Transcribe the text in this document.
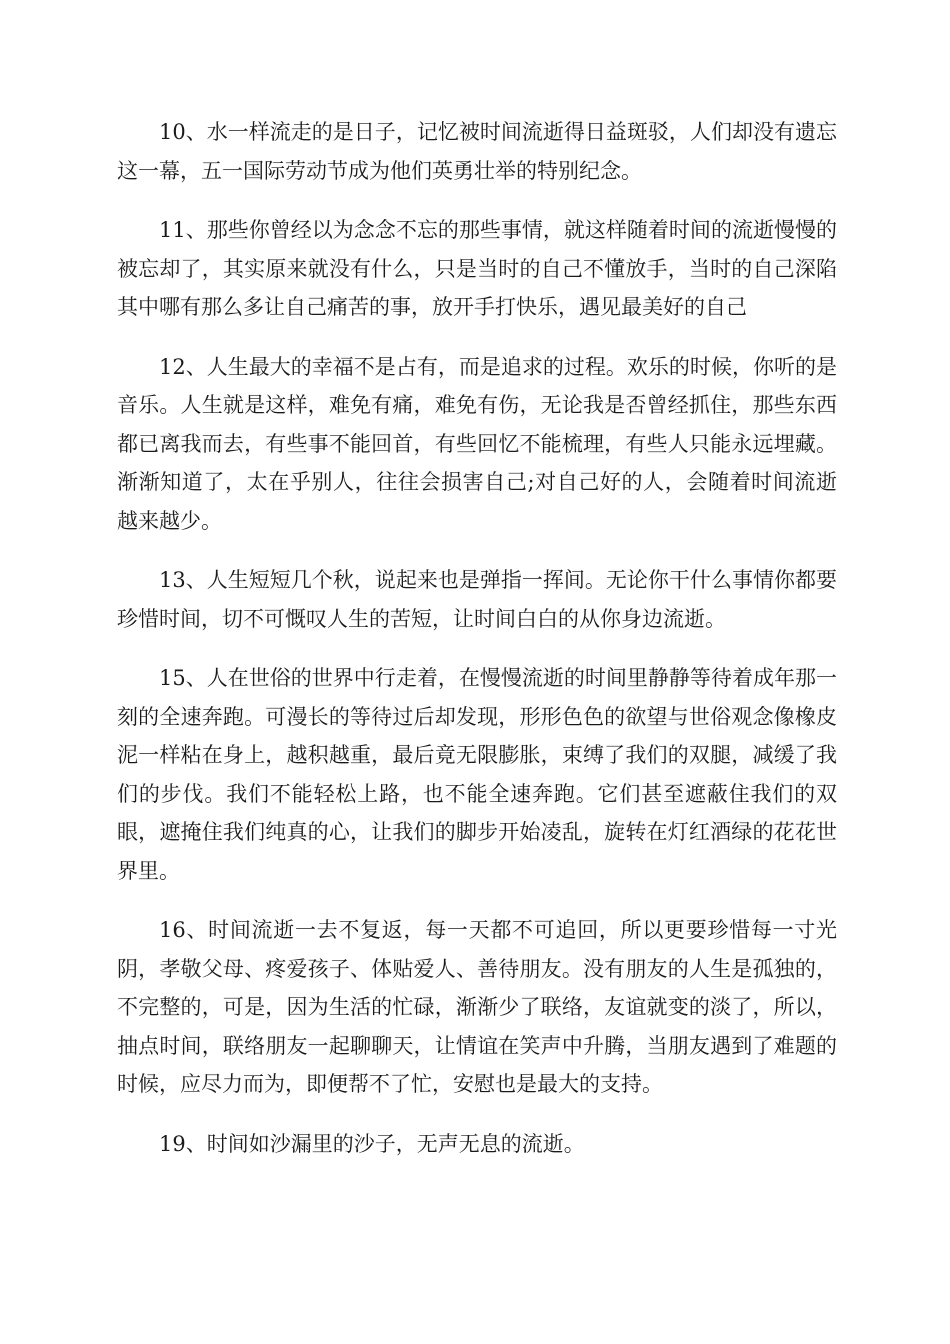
10、水一样流走的是日子，记忆被时间流逝得日益斑驳，人们却没有遗忘这一幕，五一国际劳动节成为他们英勇壮举的特别纪念。

11、那些你曾经以为念念不忘的那些事情，就这样随着时间的流逝慢慢的被忘却了，其实原来就没有什么，只是当时的自己不懂放手，当时的自己深陷其中哪有那么多让自己痛苦的事，放开手打快乐，遇见最美好的自己

12、人生最大的幸福不是占有，而是追求的过程。欢乐的时候，你听的是音乐。人生就是这样，难免有痛，难免有伤，无论我是否曾经抓住，那些东西都已离我而去，有些事不能回首，有些回忆不能梳理，有些人只能永远埋藏。渐渐知道了，太在乎别人，往往会损害自己;对自己好的人，会随着时间流逝越来越少。

13、人生短短几个秋，说起来也是弹指一挥间。无论你干什么事情你都要珍惜时间，切不可慨叹人生的苦短，让时间白白的从你身边流逝。

15、人在世俗的世界中行走着，在慢慢流逝的时间里静静等待着成年那一刻的全速奔跑。可漫长的等待过后却发现，形形色色的欲望与世俗观念像橡皮泥一样粘在身上，越积越重，最后竟无限膨胀，束缚了我们的双腿，减缓了我们的步伐。我们不能轻松上路，也不能全速奔跑。它们甚至遮蔽住我们的双眼，遮掩住我们纯真的心，让我们的脚步开始凌乱，旋转在灯红酒绿的花花世界里。

16、时间流逝一去不复返，每一天都不可追回，所以更要珍惜每一寸光阴，孝敬父母、疼爱孩子、体贴爱人、善待朋友。没有朋友的人生是孤独的，不完整的，可是，因为生活的忙碌，渐渐少了联络，友谊就变的淡了，所以，抽点时间，联络朋友一起聊聊天，让情谊在笑声中升腾，当朋友遇到了难题的时候，应尽力而为，即便帮不了忙，安慰也是最大的支持。

19、时间如沙漏里的沙子，无声无息的流逝。
